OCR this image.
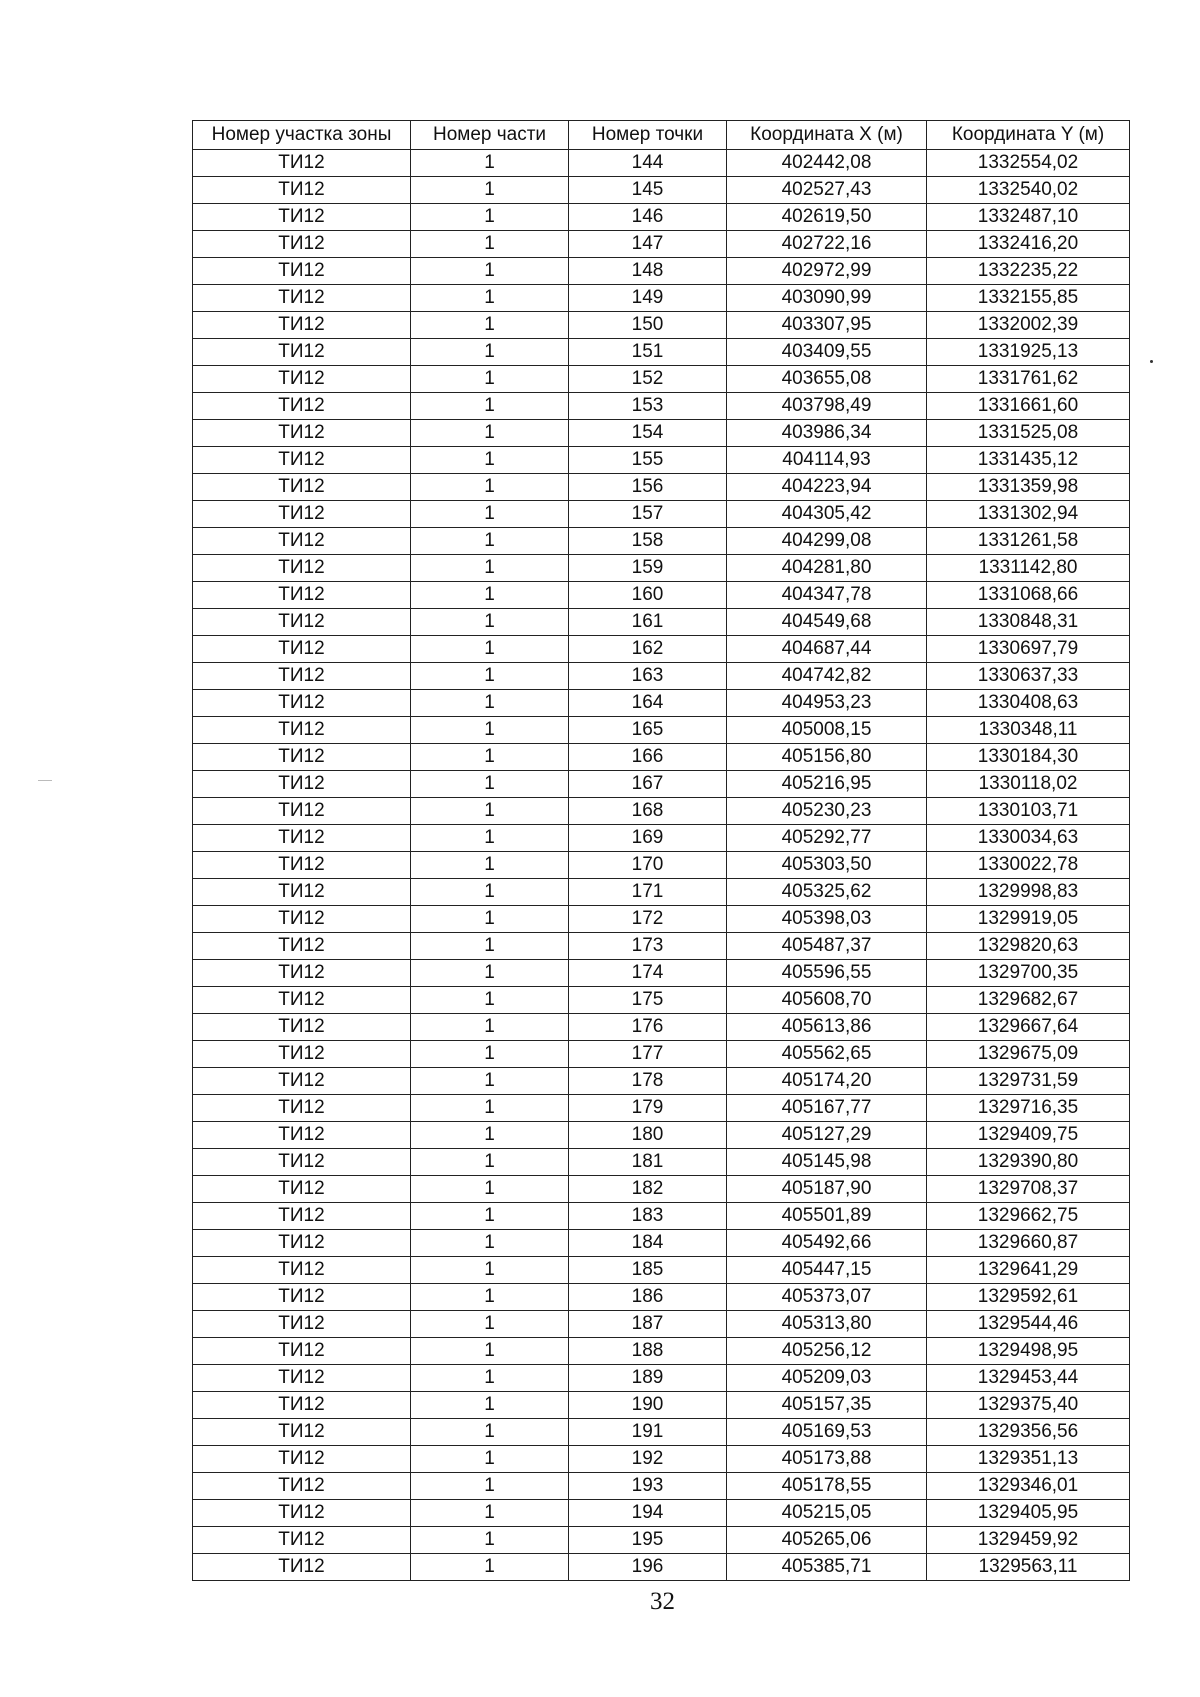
Номер участка зоны	Номер части	Номер точки	Координата X (м)	Координата Y (м)
ТИ12	1	144	402442,08	1332554,02
ТИ12	1	145	402527,43	1332540,02
ТИ12	1	146	402619,50	1332487,10
ТИ12	1	147	402722,16	1332416,20
ТИ12	1	148	402972,99	1332235,22
ТИ12	1	149	403090,99	1332155,85
ТИ12	1	150	403307,95	1332002,39
ТИ12	1	151	403409,55	1331925,13
ТИ12	1	152	403655,08	1331761,62
ТИ12	1	153	403798,49	1331661,60
ТИ12	1	154	403986,34	1331525,08
ТИ12	1	155	404114,93	1331435,12
ТИ12	1	156	404223,94	1331359,98
ТИ12	1	157	404305,42	1331302,94
ТИ12	1	158	404299,08	1331261,58
ТИ12	1	159	404281,80	1331142,80
ТИ12	1	160	404347,78	1331068,66
ТИ12	1	161	404549,68	1330848,31
ТИ12	1	162	404687,44	1330697,79
ТИ12	1	163	404742,82	1330637,33
ТИ12	1	164	404953,23	1330408,63
ТИ12	1	165	405008,15	1330348,11
ТИ12	1	166	405156,80	1330184,30
ТИ12	1	167	405216,95	1330118,02
ТИ12	1	168	405230,23	1330103,71
ТИ12	1	169	405292,77	1330034,63
ТИ12	1	170	405303,50	1330022,78
ТИ12	1	171	405325,62	1329998,83
ТИ12	1	172	405398,03	1329919,05
ТИ12	1	173	405487,37	1329820,63
ТИ12	1	174	405596,55	1329700,35
ТИ12	1	175	405608,70	1329682,67
ТИ12	1	176	405613,86	1329667,64
ТИ12	1	177	405562,65	1329675,09
ТИ12	1	178	405174,20	1329731,59
ТИ12	1	179	405167,77	1329716,35
ТИ12	1	180	405127,29	1329409,75
ТИ12	1	181	405145,98	1329390,80
ТИ12	1	182	405187,90	1329708,37
ТИ12	1	183	405501,89	1329662,75
ТИ12	1	184	405492,66	1329660,87
ТИ12	1	185	405447,15	1329641,29
ТИ12	1	186	405373,07	1329592,61
ТИ12	1	187	405313,80	1329544,46
ТИ12	1	188	405256,12	1329498,95
ТИ12	1	189	405209,03	1329453,44
ТИ12	1	190	405157,35	1329375,40
ТИ12	1	191	405169,53	1329356,56
ТИ12	1	192	405173,88	1329351,13
ТИ12	1	193	405178,55	1329346,01
ТИ12	1	194	405215,05	1329405,95
ТИ12	1	195	405265,06	1329459,92
ТИ12	1	196	405385,71	1329563,11
32
